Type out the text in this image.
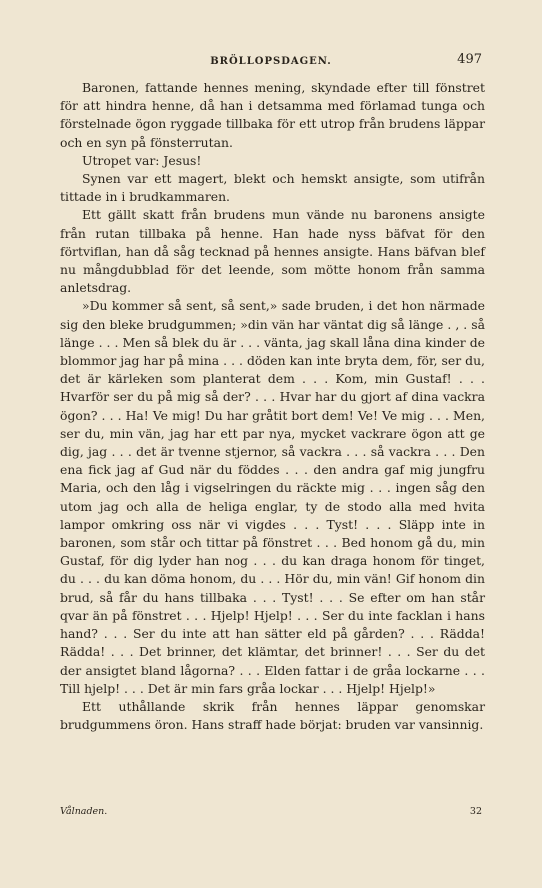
BRÖLLOPSDAGEN.	497

Baronen, fattande hennes mening, skyndade efter till fönstret för att hindra henne, då han i detsamma med förlamad tunga och förstelnade ögon ryggade tillbaka för ett utrop från brudens läppar och en syn på fönsterrutan.

Utropet var: Jesus!

Synen var ett magert, blekt och hemskt ansigte, som utifrån tittade in i brudkammaren.

Ett gällt skatt från brudens mun vände nu baronens ansigte från rutan tillbaka på henne. Han hade nyss bäfvat för den förtviflan, han då såg tecknad på hennes ansigte. Hans bäfvan blef nu mångdubblad för det leende, som mötte honom från samma anletsdrag.

»Du kommer så sent, så sent,» sade bruden, i det hon närmade sig den bleke brudgummen; »din vän har väntat dig så länge . , . så länge . . . Men så blek du är . . . vänta, jag skall låna dina kinder de blommor jag har på mina . . . döden kan inte bryta dem, för, ser du, det är kärleken som planterat dem . . . Kom, min Gustaf! . . . Hvarför ser du på mig så der? . . . Hvar har du gjort af dina vackra ögon? . . . Ha! Ve mig! Du har gråtit bort dem! Ve! Ve mig . . . Men, ser du, min vän, jag har ett par nya, mycket vackrare ögon att ge dig, jag . . . det är tvenne stjernor, så vackra . . . så vackra . . . Den ena fick jag af Gud när du föddes . . . den andra gaf mig jungfru Maria, och den låg i vigselringen du räckte mig . . . ingen såg den utom jag och alla de heliga englar, ty de stodo alla med hvita lampor omkring oss när vi vigdes . . . Tyst! . . . Släpp inte in baronen, som står och tittar på fönstret . . . Bed honom gå du, min Gustaf, för dig lyder han nog . . . du kan draga honom för tinget, du . . . du kan döma honom, du . . . Hör du, min vän! Gif honom din brud, så får du hans tillbaka . . . Tyst! . . . Se efter om han står qvar än på fönstret . . . Hjelp! Hjelp! . . . Ser du inte facklan i hans hand? . . . Ser du inte att han sätter eld på gården? . . . Rädda! Rädda! . . . Det brinner, det klämtar, det brinner! . . . Ser du det der ansigtet bland lågorna? . . . Elden fattar i de gråa lockarne . . . Till hjelp! . . . Det är min fars gråa lockar . . . Hjelp! Hjelp!»

Ett uthållande skrik från hennes läppar genomskar brudgummens öron. Hans straff hade börjat: bruden var vansinnig.

Vålnaden.	32
